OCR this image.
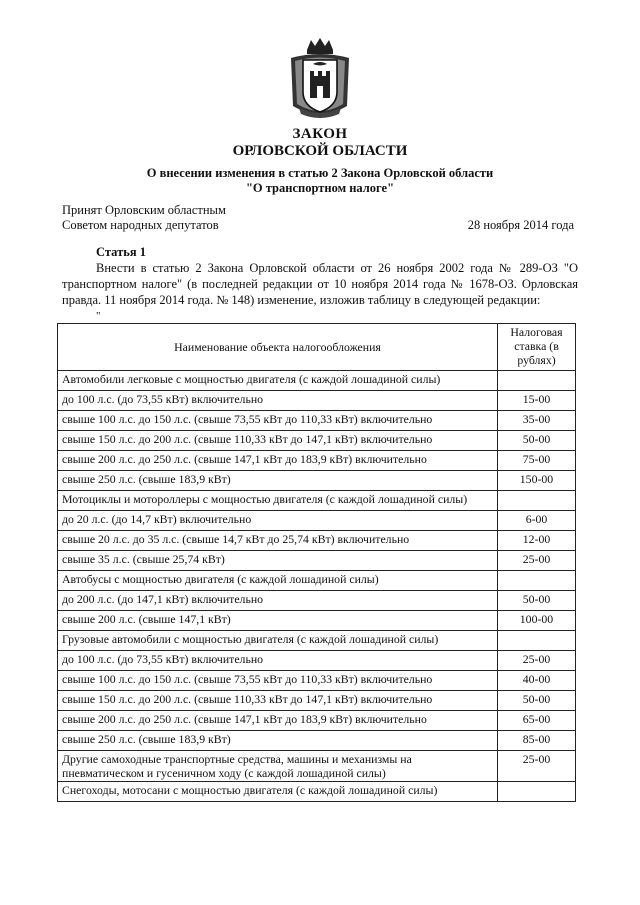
ЗАКОН
ОРЛОВСКОЙ ОБЛАСТИ
О внесении изменения в статью 2 Закона Орловской области
"О транспортном налоге"
Принят Орловским областным
Советом народных депутатов	28 ноября 2014 года
Статья 1

Внести в статью 2 Закона Орловской области от 26 ноября 2002 года № 289-ОЗ "О транспортном налоге" (в последней редакции от 10 ноября 2014 года № 1678-ОЗ. Орловская правда. 11 ноября 2014 года. № 148) изменение, изложив таблицу в следующей редакции:

"
Наименование объекта налогообложения	Налоговая ставка (в рублях)
Автомобили легковые с мощностью двигателя (с каждой лошадиной силы)	
до 100 л.с. (до 73,55 кВт) включительно	15-00
свыше 100 л.с. до 150 л.с. (свыше 73,55 кВт до 110,33 кВт) включительно	35-00
свыше 150 л.с. до 200 л.с. (свыше 110,33 кВт до 147,1 кВт) включительно	50-00
свыше 200 л.с. до 250 л.с. (свыше 147,1 кВт до 183,9 кВт) включительно	75-00
свыше 250 л.с. (свыше 183,9 кВт)	150-00
Мотоциклы и мотороллеры с мощностью двигателя (с каждой лошадиной силы)	
до 20 л.с. (до 14,7 кВт) включительно	6-00
свыше 20 л.с. до 35 л.с. (свыше 14,7 кВт до 25,74 кВт) включительно	12-00
свыше 35 л.с. (свыше 25,74 кВт)	25-00
Автобусы с мощностью двигателя (с каждой лошадиной силы)	
до 200 л.с. (до 147,1 кВт) включительно	50-00
свыше 200 л.с. (свыше 147,1 кВт)	100-00
Грузовые автомобили с мощностью двигателя (с каждой лошадиной силы)	
до 100 л.с. (до 73,55 кВт) включительно	25-00
свыше 100 л.с. до 150 л.с. (свыше 73,55 кВт до 110,33 кВт) включительно	40-00
свыше 150 л.с. до 200 л.с. (свыше 110,33 кВт до 147,1 кВт) включительно	50-00
свыше 200 л.с. до 250 л.с. (свыше 147,1 кВт до 183,9 кВт) включительно	65-00
свыше 250 л.с. (свыше 183,9 кВт)	85-00
Другие самоходные транспортные средства, машины и механизмы на пневматическом и гусеничном ходу (с каждой лошадиной силы)	25-00
Снегоходы, мотосани с мощностью двигателя (с каждой лошадиной силы)	
